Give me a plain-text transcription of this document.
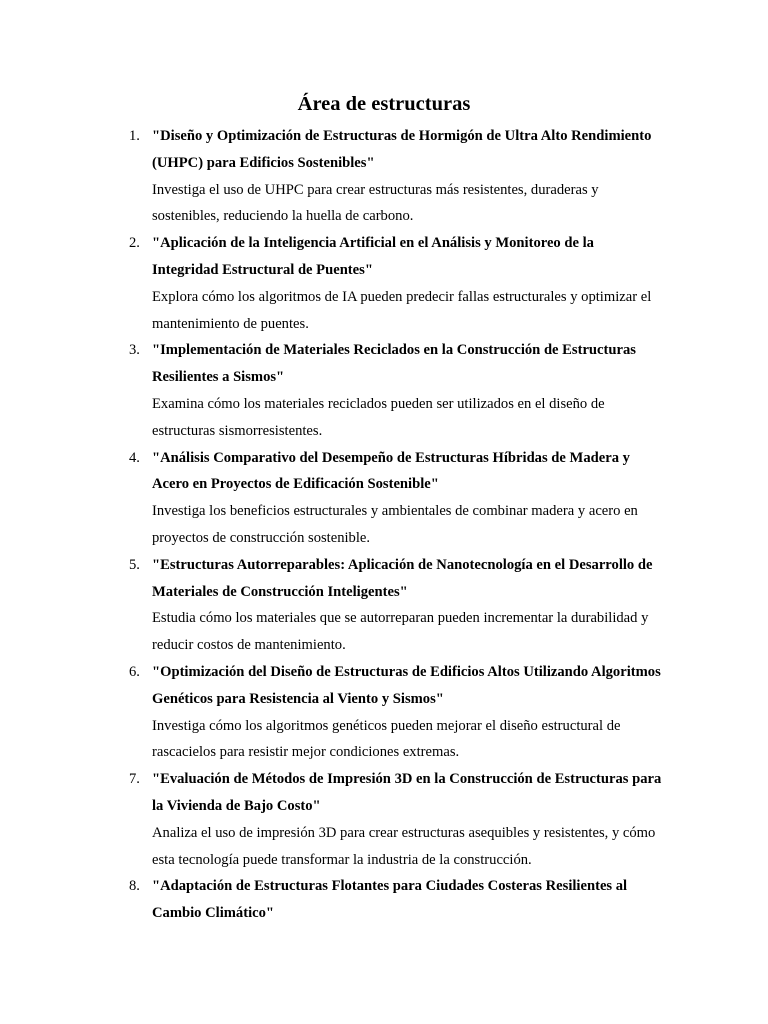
Área de estructuras
1. "Diseño y Optimización de Estructuras de Hormigón de Ultra Alto Rendimiento (UHPC) para Edificios Sostenibles"
Investiga el uso de UHPC para crear estructuras más resistentes, duraderas y sostenibles, reduciendo la huella de carbono.
2. "Aplicación de la Inteligencia Artificial en el Análisis y Monitoreo de la Integridad Estructural de Puentes"
Explora cómo los algoritmos de IA pueden predecir fallas estructurales y optimizar el mantenimiento de puentes.
3. "Implementación de Materiales Reciclados en la Construcción de Estructuras Resilientes a Sismos"
Examina cómo los materiales reciclados pueden ser utilizados en el diseño de estructuras sismorresistentes.
4. "Análisis Comparativo del Desempeño de Estructuras Híbridas de Madera y Acero en Proyectos de Edificación Sostenible"
Investiga los beneficios estructurales y ambientales de combinar madera y acero en proyectos de construcción sostenible.
5. "Estructuras Autorreparables: Aplicación de Nanotecnología en el Desarrollo de Materiales de Construcción Inteligentes"
Estudia cómo los materiales que se autorreparan pueden incrementar la durabilidad y reducir costos de mantenimiento.
6. "Optimización del Diseño de Estructuras de Edificios Altos Utilizando Algoritmos Genéticos para Resistencia al Viento y Sismos"
Investiga cómo los algoritmos genéticos pueden mejorar el diseño estructural de rascacielos para resistir mejor condiciones extremas.
7. "Evaluación de Métodos de Impresión 3D en la Construcción de Estructuras para la Vivienda de Bajo Costo"
Analiza el uso de impresión 3D para crear estructuras asequibles y resistentes, y cómo esta tecnología puede transformar la industria de la construcción.
8. "Adaptación de Estructuras Flotantes para Ciudades Costeras Resilientes al Cambio Climático"
